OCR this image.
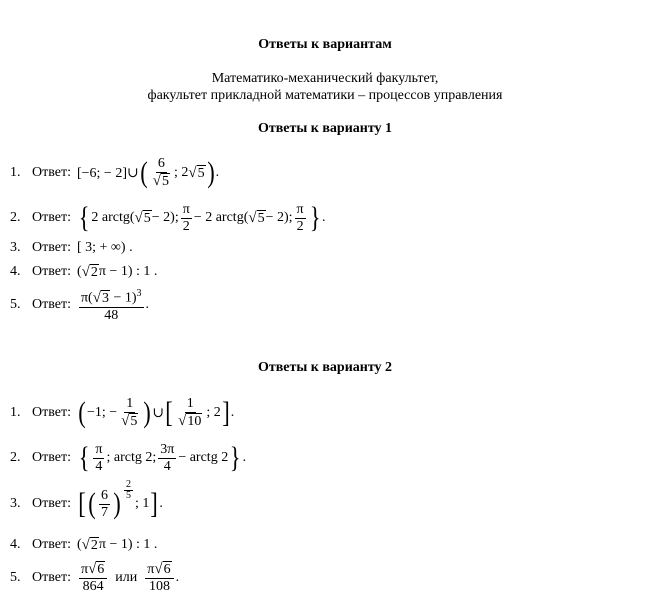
Ответы к вариантам
Математико-механический факультет,
факультет прикладной математики – процессов управления
Ответы к варианту 1
1. Ответ: [−6; − 2]∪ ( $\frac{6}{√ 5}$ ; 2 √ 5 ) .
2. Ответ: { 2 arctg( √ 5 − 2); $\frac{\pi}{2} - 2$ arctg( √ 5 − 2); $\frac{\pi}{2}$ } .
3. Ответ: [ 3; + ∞) .
4. Ответ: ( √ 2 π − 1) : 1 .
5. Ответ: $\frac{\pi( √ 3 - 1)^3}{48}$ .
Ответы к варианту 2
1. Ответ: ( −1; − $\frac{1}{√ 5}$ ) ∪ [ $\frac{1}{√ 10}$ ; 2 ] .
2. Ответ: { $\frac{\pi}{4}$ ; arctg 2; $\frac{3\pi}{4}$ − arctg 2 } .
3. Ответ: [ ( $\frac{6}{7}$ ) $^{\frac{2}{5}}$
; 1 ] .
4. Ответ: ( √ 2 π − 1) : 1 .
5. Ответ: $\frac{\pi √ 6}{864}$ или $\frac{\pi √ 6}{108}$ .
